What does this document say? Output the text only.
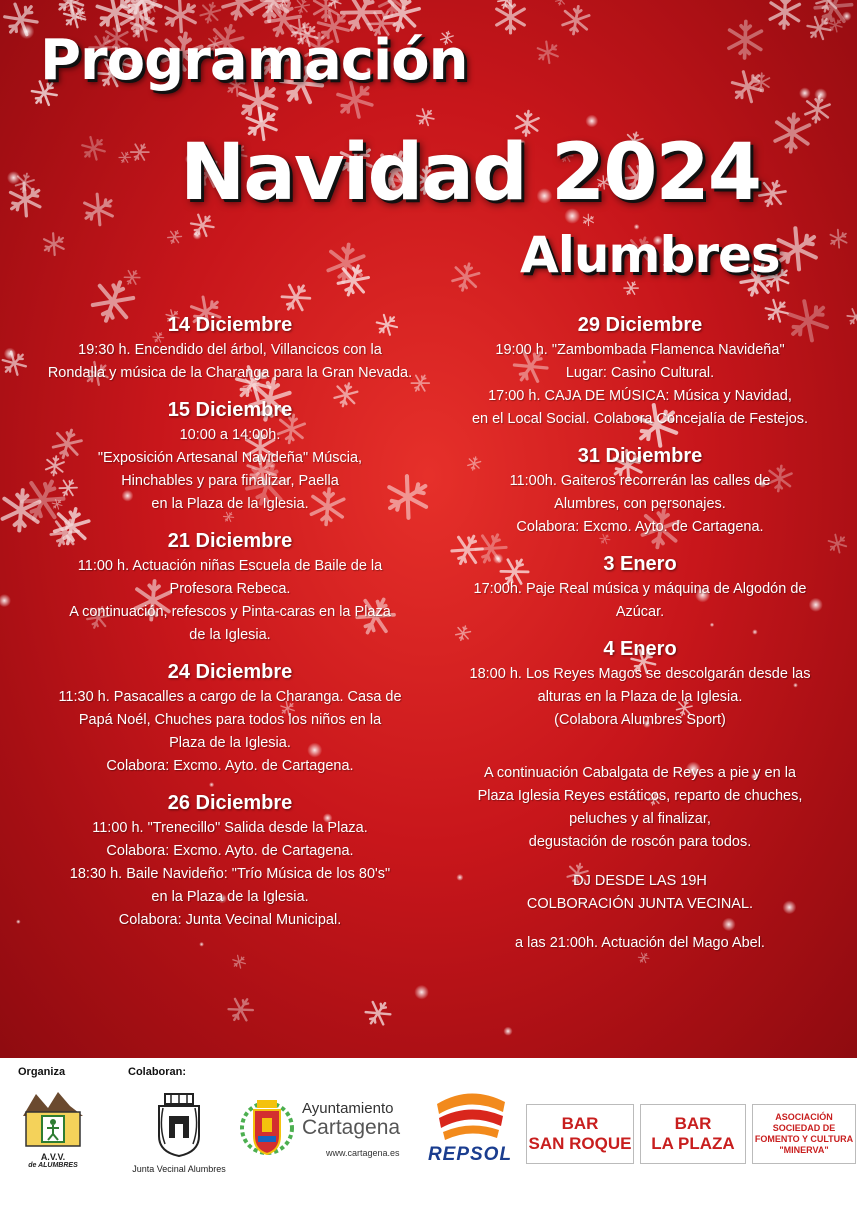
Programación
Navidad 2024
Alumbres
14 Diciembre
19:30 h. Encendido del árbol, Villancicos con la
Rondalla y música de la Charanga para la Gran Nevada.
15 Diciembre
10:00 a 14:00h.
"Exposición Artesanal Navideña" Múscia,
Hinchables y para finalizar, Paella
en la Plaza de la Iglesia.
21 Diciembre
11:00 h. Actuación niñas Escuela de Baile de la
Profesora Rebeca.
A continuación, refescos y Pinta-caras en la Plaza
de la Iglesia.
24 Diciembre
11:30 h. Pasacalles a cargo de la Charanga. Casa de
Papá Noél, Chuches para todos los niños en la
Plaza de la Iglesia.
Colabora: Excmo. Ayto. de Cartagena.
26 Diciembre
11:00 h. "Trenecillo" Salida desde la Plaza.
Colabora: Excmo. Ayto. de Cartagena.
18:30 h. Baile Navideño: "Trío Música de los 80's"
en la Plaza de la Iglesia.
Colabora: Junta Vecinal Municipal.
29 Diciembre
19:00 h. "Zambombada Flamenca Navideña"
Lugar: Casino Cultural.
17:00 h. CAJA DE MÚSICA: Música y Navidad,
en el Local Social. Colabora Concejalía de Festejos.
31 Diciembre
11:00h. Gaiteros recorrerán las calles de
Alumbres, con personajes.
Colabora: Excmo. Ayto. de Cartagena.
3 Enero
17:00h. Paje Real música y máquina de Algodón de
Azúcar.
4 Enero
18:00 h. Los Reyes Magos se descolgarán desde las
alturas en la Plaza de la Iglesia.
(Colabora Alumbres Sport)
A continuación Cabalgata de Reyes a pie y en la
Plaza Iglesia Reyes estáticos, reparto de chuches,
peluches y al finalizar,
degustación de roscón para todos.
DJ DESDE LAS 19H
COLBORACIÓN JUNTA VECINAL.
a las 21:00h. Actuación del Mago Abel.
Organiza	Colaboran:
A.V.V.
de ALUMBRES	Junta Vecinal Alumbres
Ayuntamiento
Cartagena
www.cartagena.es	REPSOL
BAR
SAN ROQUE
BAR
LA PLAZA
ASOCIACIÓN
SOCIEDAD DE
FOMENTO Y CULTURA
"MINERVA"
